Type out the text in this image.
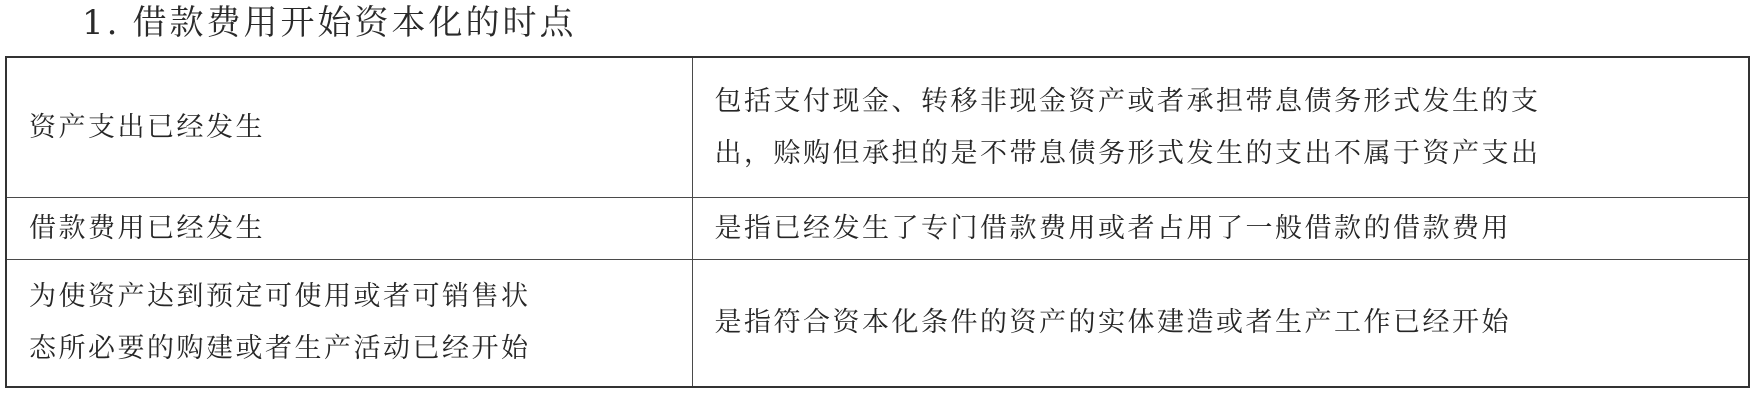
1. 借款费用开始资本化的时点
资产支出已经发生	包括支付现金、转移非现金资产或者承担带息债务形式发生的支
出，赊购但承担的是不带息债务形式发生的支出不属于资产支出

借款费用已经发生	是指已经发生了专门借款费用或者占用了一般借款的借款费用

为使资产达到预定可使用或者可销售状
态所必要的购建或者生产活动已经开始	是指符合资本化条件的资产的实体建造或者生产工作已经开始
